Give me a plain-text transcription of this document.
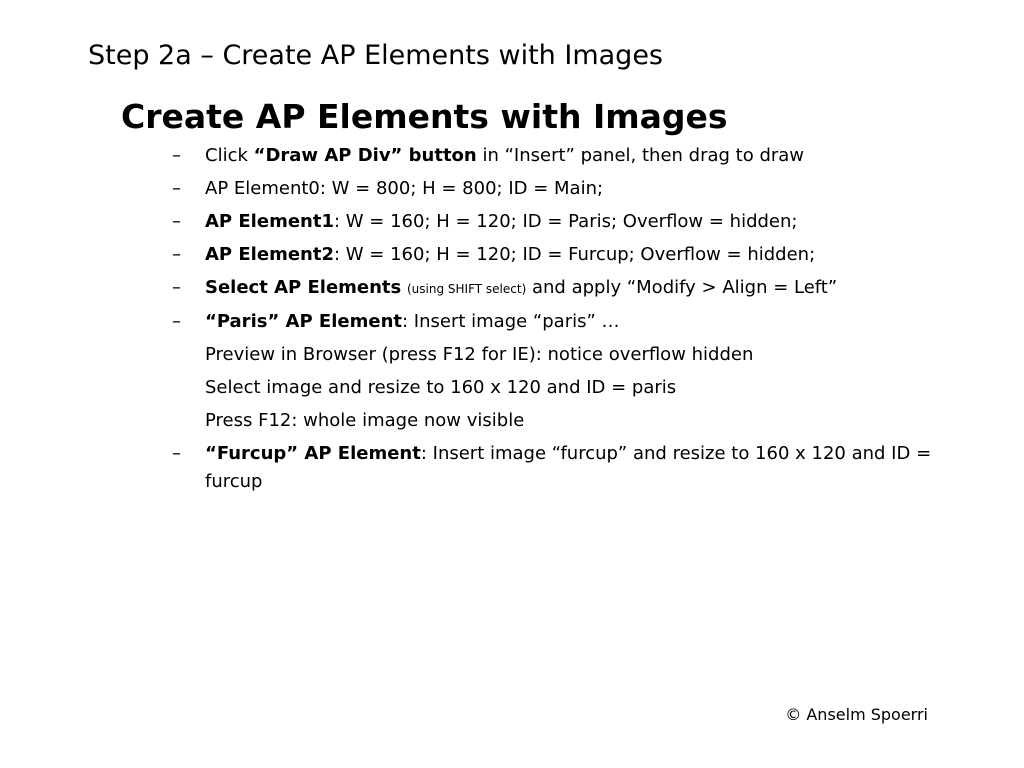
Step 2a – Create AP Elements with Images
Create AP Elements with Images
–	Click “Draw AP Div” button in “Insert” panel, then drag to draw
–	AP Element0: W = 800; H = 800; ID = Main;
–	AP Element1: W = 160; H = 120; ID = Paris; Overflow = hidden;
–	AP Element2: W = 160; H = 120; ID = Furcup; Overflow = hidden;
–	Select AP Elements (using SHIFT select) and apply “Modify > Align = Left”
–	“Paris” AP Element: Insert image “paris” …
Preview in Browser (press F12 for IE): notice overflow hidden
Select image and resize to 160 x 120 and ID = paris
Press F12: whole image now visible
–	“Furcup” AP Element: Insert image “furcup” and resize to 160 x 120 and ID = furcup
© Anselm Spoerri
